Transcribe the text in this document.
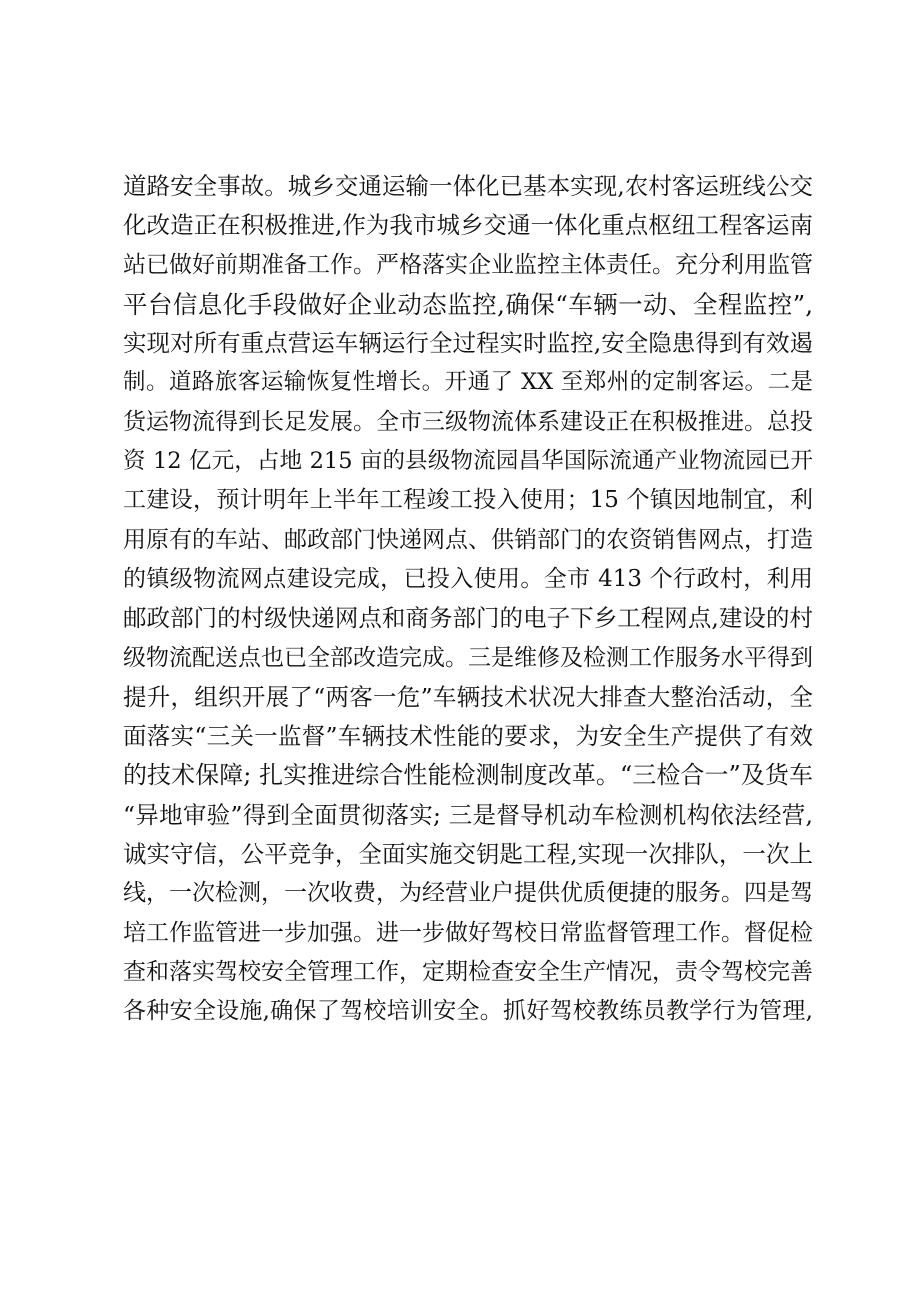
道路安全事故。城乡交通运输一体化已基本实现,农村客运班线公交
化改造正在积极推进,作为我市城乡交通一体化重点枢纽工程客运南
站已做好前期准备工作。严格落实企业监控主体责任。充分利用监管
平台信息化手段做好企业动态监控,确保“车辆一动、全程监控”,
实现对所有重点营运车辆运行全过程实时监控,安全隐患得到有效遏
制。道路旅客运输恢复性增长。开通了 XX 至郑州的定制客运。二是
货运物流得到长足发展。全市三级物流体系建设正在积极推进。总投
资 12 亿元，占地 215 亩的县级物流园昌华国际流通产业物流园已开
工建设，预计明年上半年工程竣工投入使用；15 个镇因地制宜，利
用原有的车站、邮政部门快递网点、供销部门的农资销售网点，打造
的镇级物流网点建设完成，已投入使用。全市 413 个行政村，利用
邮政部门的村级快递网点和商务部门的电子下乡工程网点,建设的村
级物流配送点也已全部改造完成。三是维修及检测工作服务水平得到
提升，组织开展了“两客一危”车辆技术状况大排查大整治活动，全
面落实“三关一监督”车辆技术性能的要求，为安全生产提供了有效
的技术保障; 扎实推进综合性能检测制度改革。“三检合一”及货车
“异地审验”得到全面贯彻落实; 三是督导机动车检测机构依法经营,
诚实守信，公平竞争，全面实施交钥匙工程,实现一次排队，一次上
线，一次检测，一次收费，为经营业户提供优质便捷的服务。四是驾
培工作监管进一步加强。进一步做好驾校日常监督管理工作。督促检
查和落实驾校安全管理工作，定期检查安全生产情况，责令驾校完善
各种安全设施,确保了驾校培训安全。抓好驾校教练员教学行为管理,
